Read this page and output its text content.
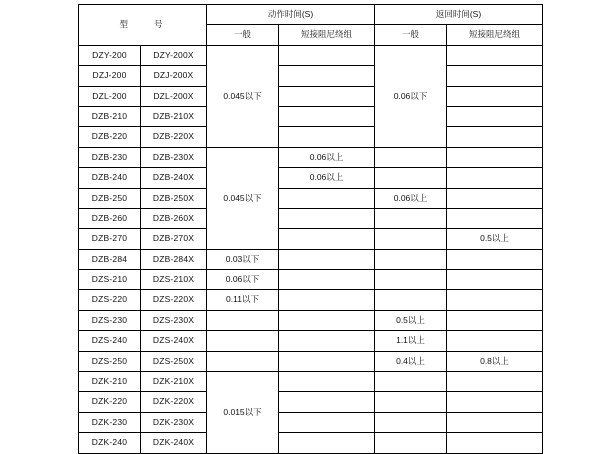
型　　号		动作时间(S)		返回时间(S)	
		一般	短接阻尼绕组	一般	短接阻尼绕组
DZY-200	DZY-200X	0.045以下		0.06以下	
DZJ-200	DZJ-200X				
DZL-200	DZL-200X				
DZB-210	DZB-210X				
DZB-220	DZB-220X				
DZB-230	DZB-230X	0.045以下	0.06以上		
DZB-240	DZB-240X		0.06以上		
DZB-250	DZB-250X			0.06以上	
DZB-260	DZB-260X				
DZB-270	DZB-270X				0.5以上
DZB-284	DZB-284X	0.03以下			
DZS-210	DZS-210X	0.06以下			
DZS-220	DZS-220X	0.11以下			
DZS-230	DZS-230X			0.5以上	
DZS-240	DZS-240X			1.1以上	
DZS-250	DZS-250X			0.4以上	0.8以上
DZK-210	DZK-210X	0.015以下			
DZK-220	DZK-220X				
DZK-230	DZK-230X				
DZK-240	DZK-240X				
